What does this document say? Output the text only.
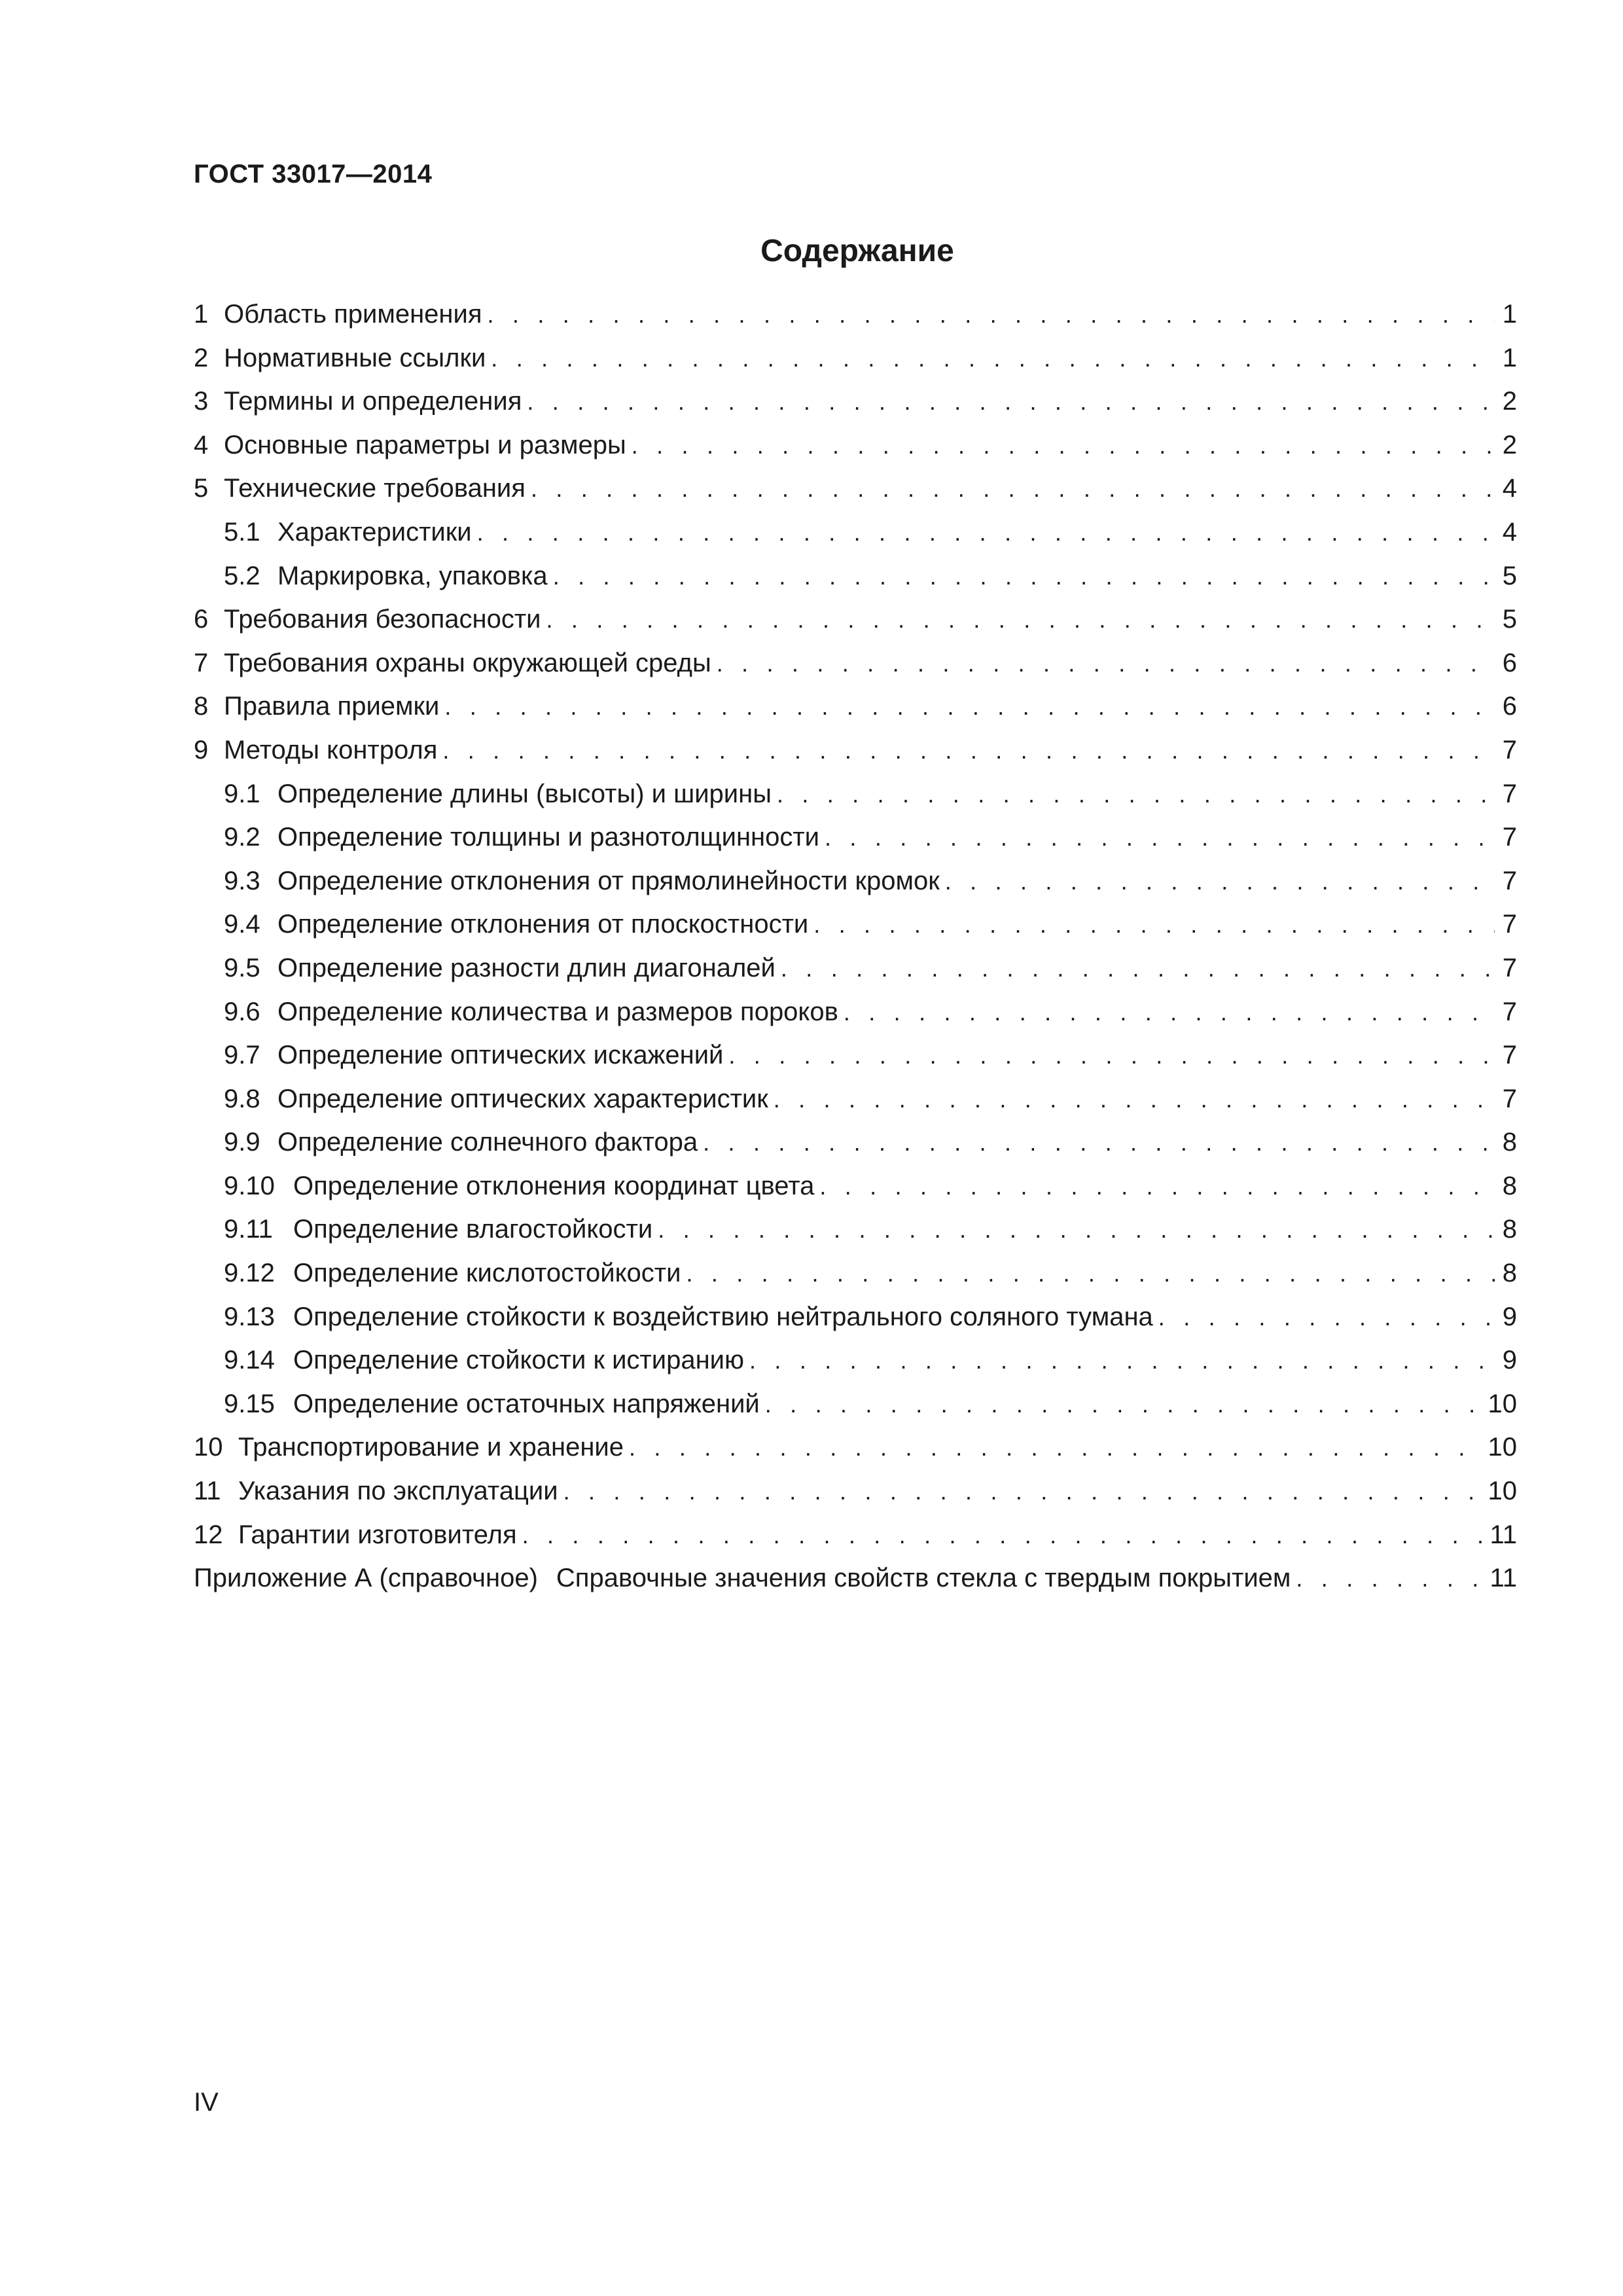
ГОСТ 33017—2014
Содержание
1 Область применения . . .	1
2 Нормативные ссылки . . .	1
3 Термины и определения . . .	2
4 Основные параметры и размеры . . .	2
5 Технические требования . . .	4
5.1 Характеристики . . .	4
5.2 Маркировка, упаковка . . .	5
6 Требования безопасности . . .	5
7 Требования охраны окружающей среды . . .	6
8 Правила приемки . . .	6
9 Методы контроля . . .	7
9.1 Определение длины (высоты) и ширины . . .	7
9.2 Определение толщины и разнотолщинности . . .	7
9.3 Определение отклонения от прямолинейности кромок . . .	7
9.4 Определение отклонения от плоскостности . . .	7
9.5 Определение разности длин диагоналей . . .	7
9.6 Определение количества и размеров пороков . . .	7
9.7 Определение оптических искажений . . .	7
9.8 Определение оптических характеристик . . .	7
9.9 Определение солнечного фактора . . .	8
9.10 Определение отклонения координат цвета . . .	8
9.11 Определение влагостойкости . . .	8
9.12 Определение кислотостойкости . . .	8
9.13 Определение стойкости к воздействию нейтрального соляного тумана . . .	9
9.14 Определение стойкости к истиранию . . .	9
9.15 Определение остаточных напряжений . . .	10
10 Транспортирование и хранение . . .	10
11 Указания по эксплуатации . . .	10
12 Гарантии изготовителя . . .	11
Приложение А (справочное) Справочные значения свойств стекла с твердым покрытием . . .	11
IV
